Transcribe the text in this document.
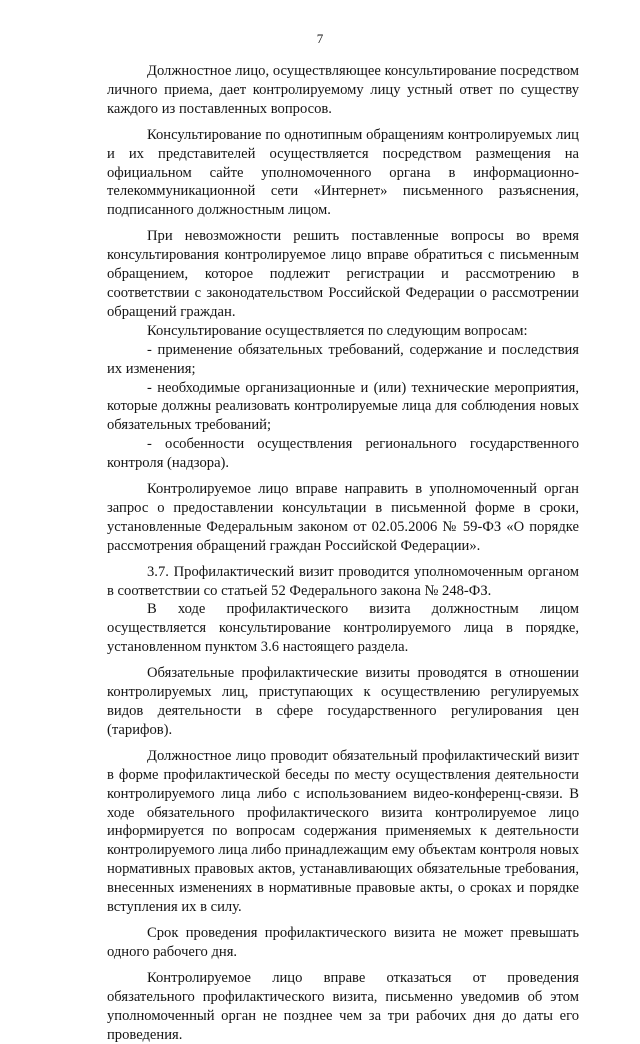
7

Должностное лицо, осуществляющее консультирование посредством личного приема, дает контролируемому лицу устный ответ по существу каждого из поставленных вопросов.

Консультирование по однотипным обращениям контролируемых лиц и их представителей осуществляется посредством размещения на официальном сайте уполномоченного органа в информационно-телекоммуникационной сети «Интернет» письменного разъяснения, подписанного должностным лицом.

При невозможности решить поставленные вопросы во время консультирования контролируемое лицо вправе обратиться с письменным обращением, которое подлежит регистрации и рассмотрению в соответствии с законодательством Российской Федерации о рассмотрении обращений граждан.

Консультирование осуществляется по следующим вопросам:

- применение обязательных требований, содержание и последствия их изменения;

- необходимые организационные и (или) технические мероприятия, которые должны реализовать контролируемые лица для соблюдения новых обязательных требований;

- особенности осуществления регионального государственного контроля (надзора).

Контролируемое лицо вправе направить в уполномоченный орган запрос о предоставлении консультации в письменной форме в сроки, установленные Федеральным законом от 02.05.2006 № 59-ФЗ «О порядке рассмотрения обращений граждан Российской Федерации».

3.7. Профилактический визит проводится уполномоченным органом в соответствии со статьей 52 Федерального закона № 248-ФЗ.

В ходе профилактического визита должностным лицом осуществляется консультирование контролируемого лица в порядке, установленном пунктом 3.6 настоящего раздела.

Обязательные профилактические визиты проводятся в отношении контролируемых лиц, приступающих к осуществлению регулируемых видов деятельности в сфере государственного регулирования цен (тарифов).

Должностное лицо проводит обязательный профилактический визит в форме профилактической беседы по месту осуществления деятельности контролируемого лица либо с использованием видео-конференц-связи. В ходе обязательного профилактического визита контролируемое лицо информируется по вопросам содержания применяемых к деятельности контролируемого лица либо принадлежащим ему объектам контроля новых нормативных правовых актов, устанавливающих обязательные требования, внесенных изменениях в нормативные правовые акты, о сроках и порядке вступления их в силу.

Срок проведения профилактического визита не может превышать одного рабочего дня.

Контролируемое лицо вправе отказаться от проведения обязательного профилактического визита, письменно уведомив об этом уполномоченный орган не позднее чем за три рабочих дня до даты его проведения.
